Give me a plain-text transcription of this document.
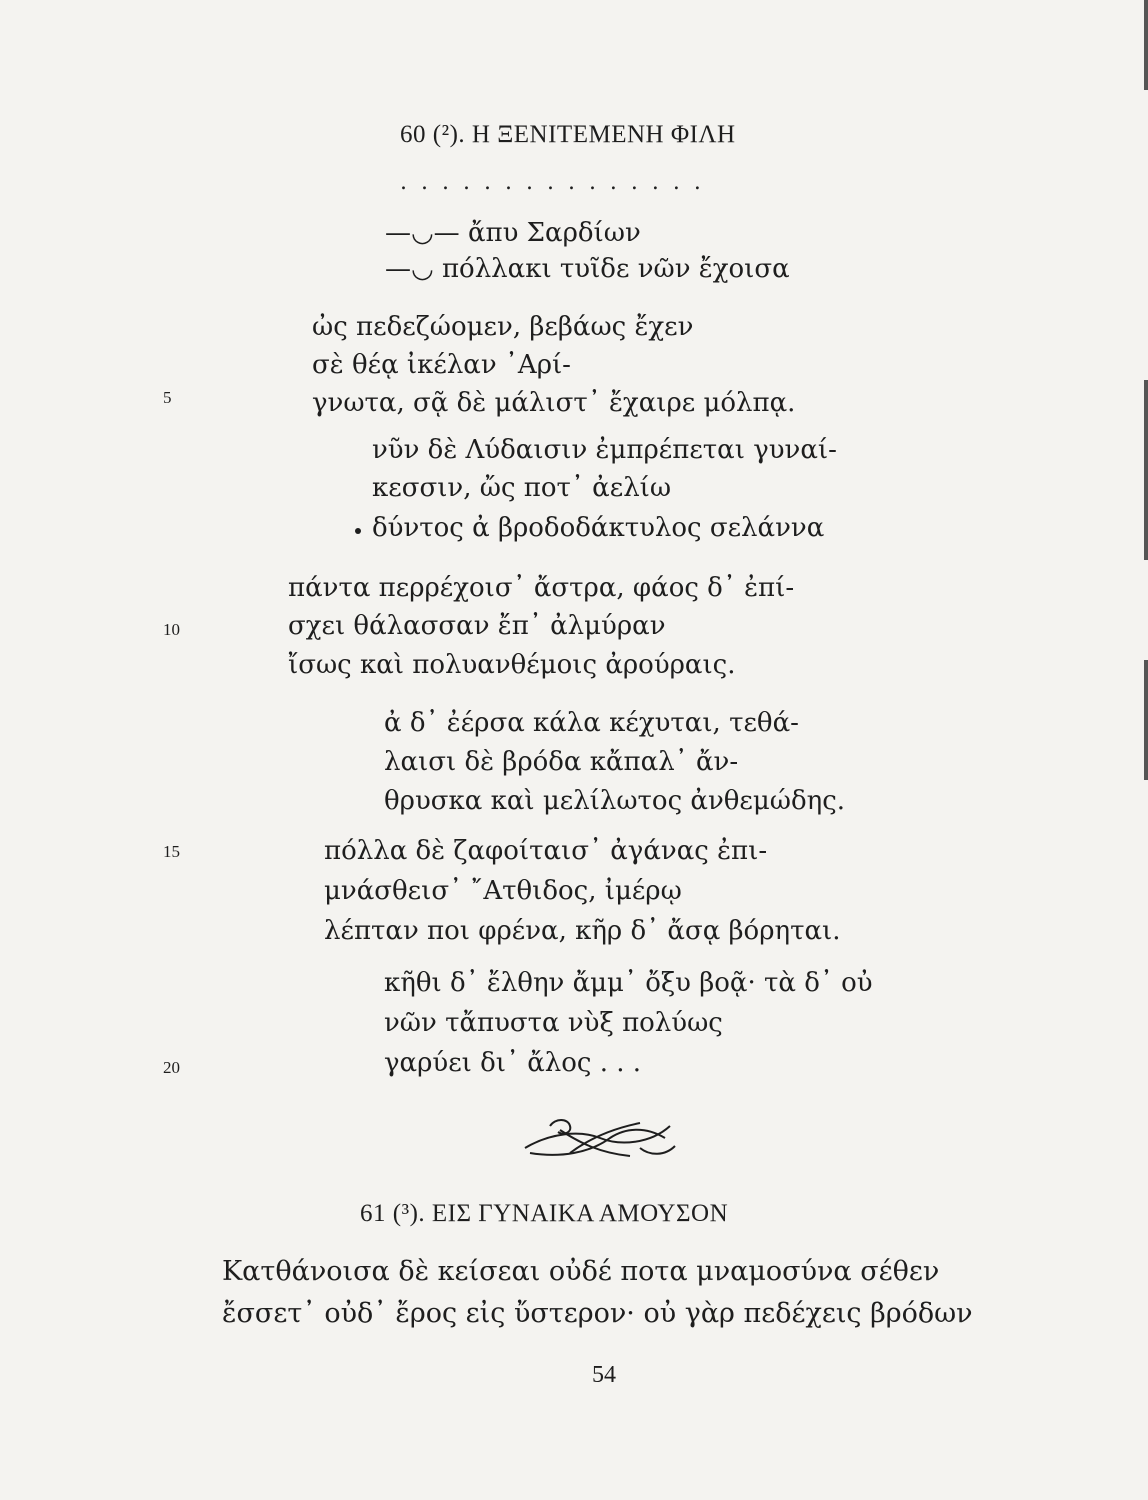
60 (²). Η ΞΕΝΙΤΕΜΕΝΗ ΦΙΛΗ
...............
—◡— ἄπυ Σαρδίων
—◡ πόλλακι τυῖδε νῶν ἔχοισα
ὠς πεδεζώομεν, βεβάως ἔχεν
σὲ θέᾳ ἰκέλαν ᾿Αρί-
γνωτα, σᾷ δὲ μάλιστ᾿ ἔχαιρε μόλπᾳ.
νῦν δὲ Λύδαισιν ἐμπρέπεται γυναί-
κεσσιν, ὤς ποτ᾿ ἀελίω
δύντος ἀ βροδοδάκτυλος σελάννα
πάντα περρέχοισ᾿ ἄστρα, φάος δ᾿ ἐπί-
σχει θάλασσαν ἔπ᾿ ἀλμύραν
ἴσως καὶ πολυανθέμοις ἀρούραις.
ἀ δ᾿ ἐέρσα κάλα κέχυται, τεθά-
λαισι δὲ βρόδα κἄπαλ᾿ ἄν-
θρυσκα καὶ μελίλωτος ἀνθεμώδης.
πόλλα δὲ ζαφοίταισ᾿ ἀγάνας ἐπι-
μνάσθεισ᾿ ῎Ατθιδος, ἰμέρῳ
λέπταν ποι φρένα, κῆρ δ᾿ ἄσᾳ βόρηται.
κῆθι δ᾿ ἔλθην ἄμμ᾿ ὄξυ βοᾷ· τὰ δ᾿ οὐ
νῶν τἄπυστα νὺξ πολύως
γαρύει δι᾿ ἄλος . . .
5
10
15
20
61 (³). ΕΙΣ ΓΥΝΑΙΚΑ ΑΜΟΥΣΟΝ
Κατθάνοισα δὲ κείσεαι οὐδέ ποτα μναμοσύνα σέθεν
ἔσσετ᾿ οὐδ᾿ ἔρος εἰς ὔστερον· οὐ γὰρ πεδέχεις βρόδων
54
